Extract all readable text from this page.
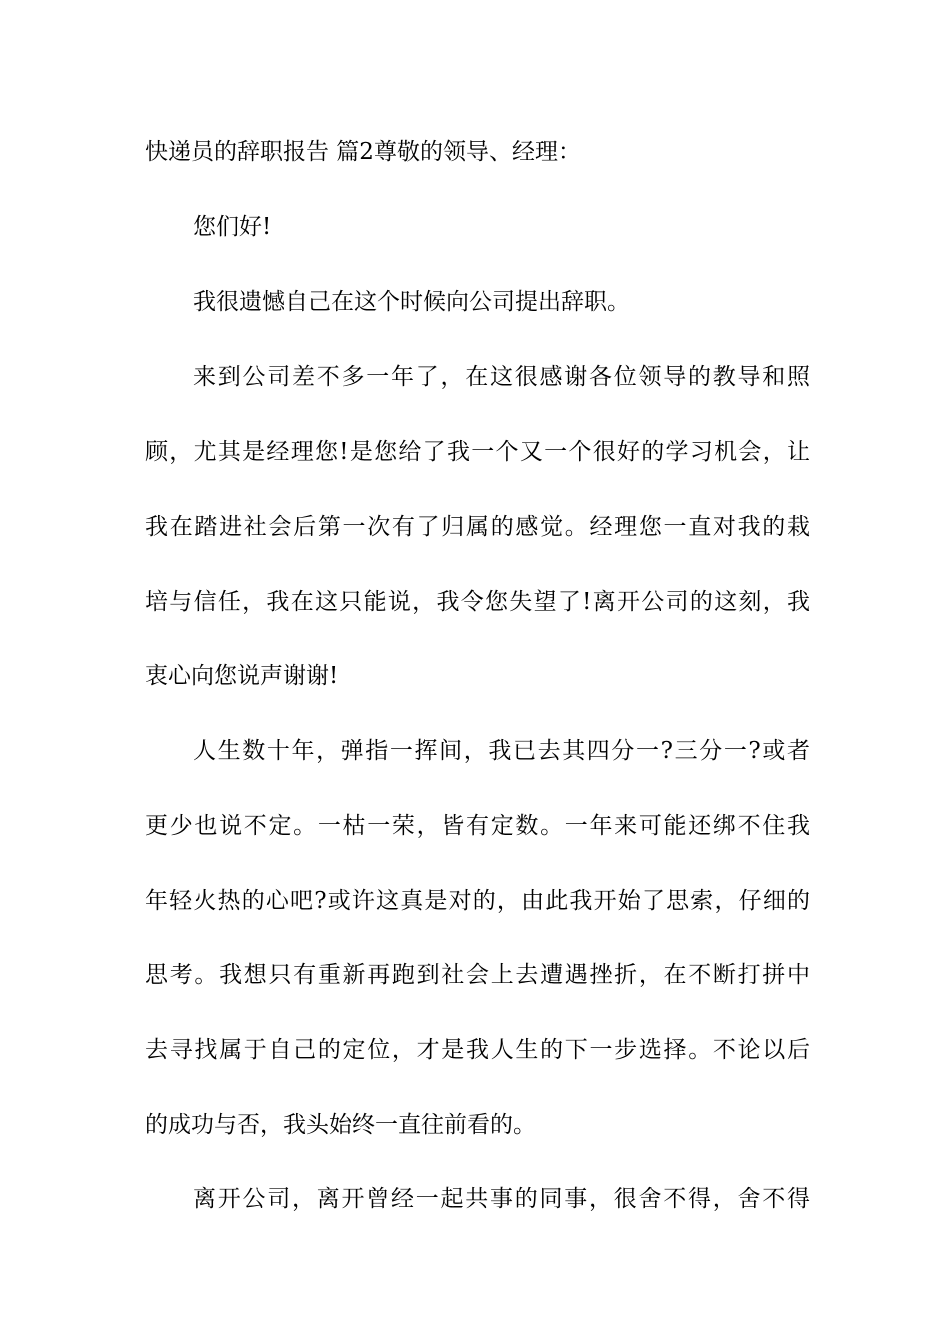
快递员的辞职报告 篇2尊敬的领导、经理：
您们好!
我很遗憾自己在这个时候向公司提出辞职。
来到公司差不多一年了，在这很感谢各位领导的教导和照
顾，尤其是经理您!是您给了我一个又一个很好的学习机会，让
我在踏进社会后第一次有了归属的感觉。经理您一直对我的栽
培与信任，我在这只能说，我令您失望了!离开公司的这刻，我
衷心向您说声谢谢!
人生数十年，弹指一挥间，我已去其四分一?三分一?或者
更少也说不定。一枯一荣，皆有定数。一年来可能还绑不住我
年轻火热的心吧?或许这真是对的，由此我开始了思索，仔细的
思考。我想只有重新再跑到社会上去遭遇挫折，在不断打拼中
去寻找属于自己的定位，才是我人生的下一步选择。不论以后
的成功与否，我头始终一直往前看的。
离开公司，离开曾经一起共事的同事，很舍不得，舍不得
